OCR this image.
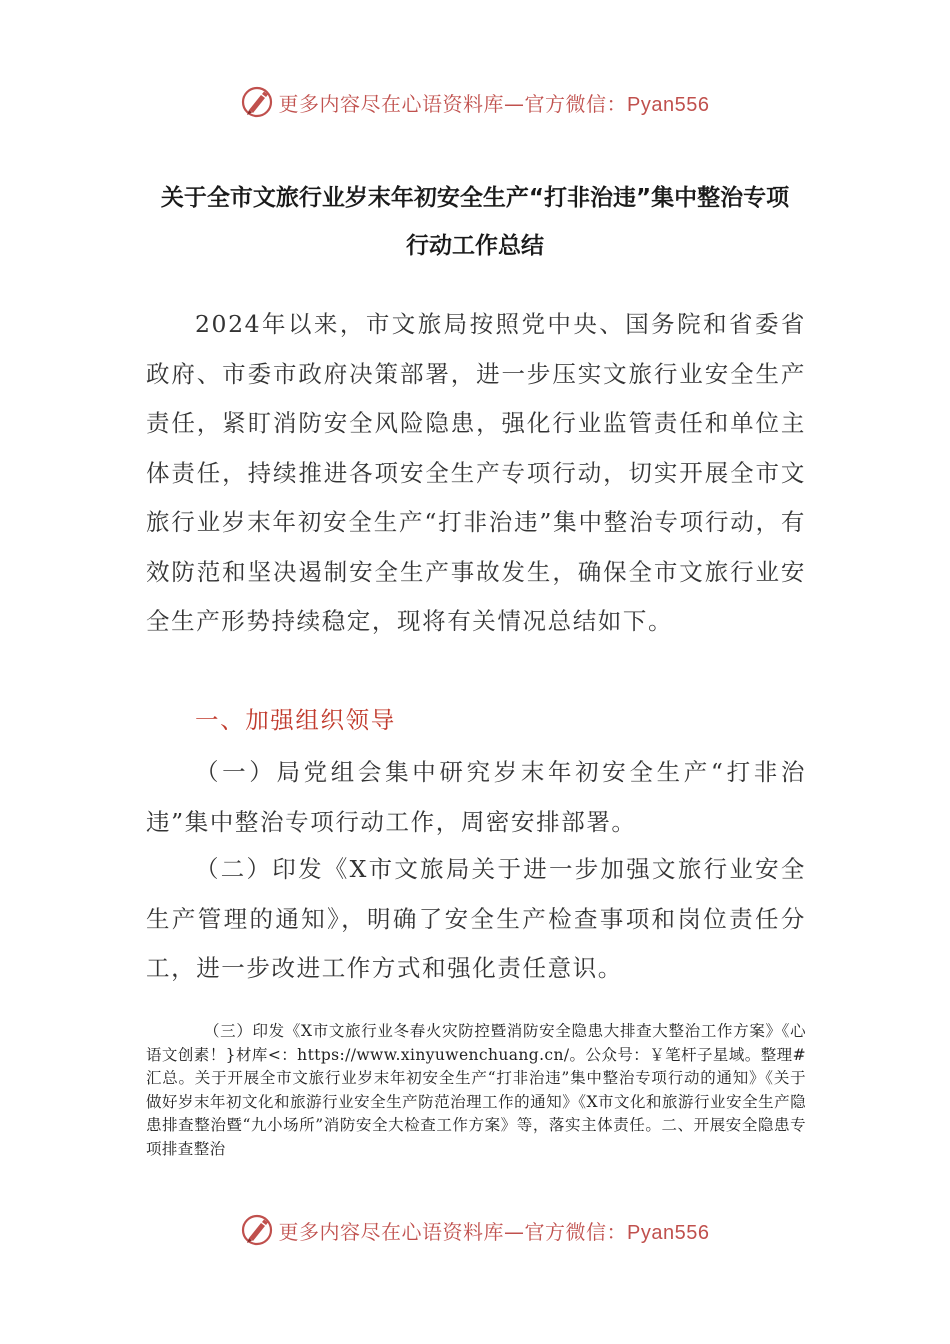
更多内容尽在心语资料库—官方微信：Pyan556
关于全市文旅行业岁末年初安全生产“打非治违”集中整治专项行动工作总结
2024年以来，市文旅局按照党中央、国务院和省委省政府、市委市政府决策部署，进一步压实文旅行业安全生产责任，紧盯消防安全风险隐患，强化行业监管责任和单位主体责任，持续推进各项安全生产专项行动，切实开展全市文旅行业岁末年初安全生产“打非治违”集中整治专项行动，有效防范和坚决遏制安全生产事故发生，确保全市文旅行业安全生产形势持续稳定，现将有关情况总结如下。
一、加强组织领导
（一）局党组会集中研究岁末年初安全生产“打非治违”集中整治专项行动工作，周密安排部署。
（二）印发《X市文旅局关于进一步加强文旅行业安全生产管理的通知》，明确了安全生产检查事项和岗位责任分工，进一步改进工作方式和强化责任意识。
（三）印发《X市文旅行业冬春火灾防控暨消防安全隐患大排查大整治工作方案》《心语文创素！}材库<：https://www.xinyuwenchuang.cn/。公众号：￥笔杆子星域。整理#汇总。关于开展全市文旅行业岁末年初安全生产“打非治违”集中整治专项行动的通知》《关于做好岁末年初文化和旅游行业安全生产防范治理工作的通知》《X市文化和旅游行业安全生产隐患排查整治暨“九小场所”消防安全大检查工作方案》等，落实主体责任。二、开展安全隐患专项排查整治
更多内容尽在心语资料库—官方微信：Pyan556
